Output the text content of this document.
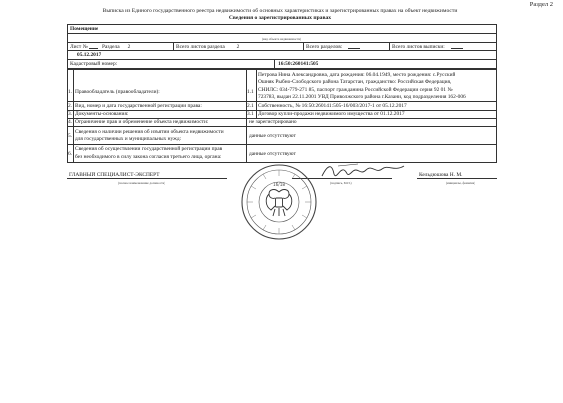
Раздел 2
Выписка из Единого государственного реестра недвижимости об основных характеристиках и зарегистрированных правах на объект недвижимости
Сведения о зарегистрированных правах
Помещение
(вид объекта недвижимости)
Лист №	Раздела	2	Всего листов раздела	2	Всего разделов:	Всего листов выписки:
05.12.2017
Кадастровый номер:	16:50:260141:505
1. Правообладатель (правообладатели):	1.1
Петрова Нина Александровна, дата рождения: 06.04.1949, место рождения: с.Русский
Ошняк Рыбно-Слободского района Татарстан, гражданство: Российская Федерация,
СНИЛС: 034-779-271 85, паспорт гражданина Российской Федерации серия 92 01 №
723783, выдан 22.11.2001 УВД Приволжского района г.Казани, код подразделения 162-006
2. Вид, номер и дата государственной регистрации права:	2.1 Собственность, № 16:50:260141:505-16/003/2017-1 от 05.12.2017
3. Документы-основания:	3.1 Договор купли-продажи недвижимого имущества от 01.12.2017
4. Ограничение прав и обременение объекта недвижимости:	не зарегистрировано
5.
Сведения о наличии решения об изъятии объекта недвижимости
для государственных и муниципальных нужд:	данные отсутствуют
6.
Сведения об осуществлении государственной регистрации прав
без необходимого в силу закона согласия третьего лица, органа:	данные отсутствуют
ГЛАВНЫЙ СПЕЦИАЛИСТ-ЭКСПЕРТ
(полное наименование должности)	(подпись, М.П.)
Кельдюшова Н. М.
(инициалы, фамилия)
16/18
